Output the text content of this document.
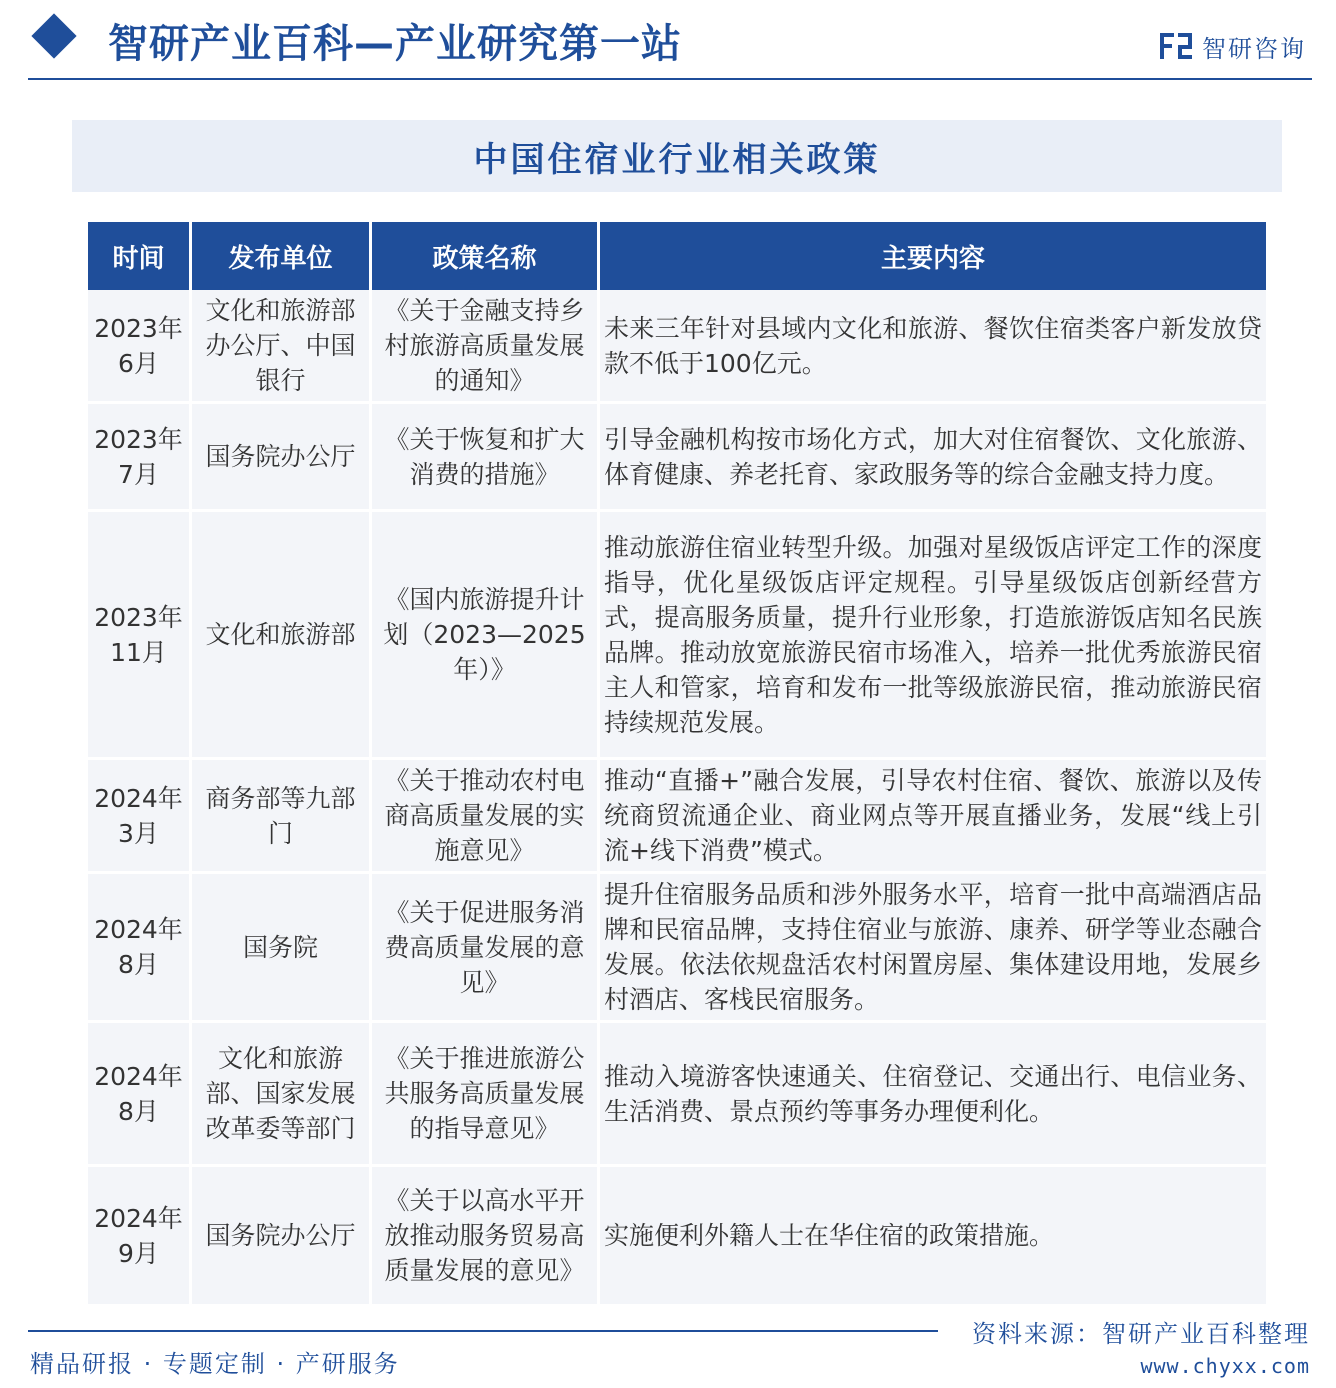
智研产业百科—产业研究第一站	智研咨询
中国住宿业行业相关政策
时间	发布单位	政策名称	主要内容
2023年6月	文化和旅游部办公厅、中国银行	《关于金融支持乡村旅游高质量发展的通知》	未来三年针对县域内文化和旅游、餐饮住宿类客户新发放贷款不低于100亿元。
2023年7月	国务院办公厅	《关于恢复和扩大消费的措施》	引导金融机构按市场化方式，加大对住宿餐饮、文化旅游、体育健康、养老托育、家政服务等的综合金融支持力度。
2023年11月	文化和旅游部	《国内旅游提升计划（2023—2025年）》	推动旅游住宿业转型升级。加强对星级饭店评定工作的深度指导，优化星级饭店评定规程。引导星级饭店创新经营方式，提高服务质量，提升行业形象，打造旅游饭店知名民族品牌。推动放宽旅游民宿市场准入，培养一批优秀旅游民宿主人和管家，培育和发布一批等级旅游民宿，推动旅游民宿持续规范发展。
2024年3月	商务部等九部门	《关于推动农村电商高质量发展的实施意见》	推动“直播+”融合发展，引导农村住宿、餐饮、旅游以及传统商贸流通企业、商业网点等开展直播业务，发展“线上引流+线下消费”模式。
2024年8月	国务院	《关于促进服务消费高质量发展的意见》	提升住宿服务品质和涉外服务水平，培育一批中高端酒店品牌和民宿品牌，支持住宿业与旅游、康养、研学等业态融合发展。依法依规盘活农村闲置房屋、集体建设用地，发展乡村酒店、客栈民宿服务。
2024年8月	文化和旅游部、国家发展改革委等部门	《关于推进旅游公共服务高质量发展的指导意见》	推动入境游客快速通关、住宿登记、交通出行、电信业务、生活消费、景点预约等事务办理便利化。
2024年9月	国务院办公厅	《关于以高水平开放推动服务贸易高质量发展的意见》	实施便利外籍人士在华住宿的政策措施。
精品研报 · 专题定制 · 产研服务
资料来源：智研产业百科整理
www.chyxx.com
